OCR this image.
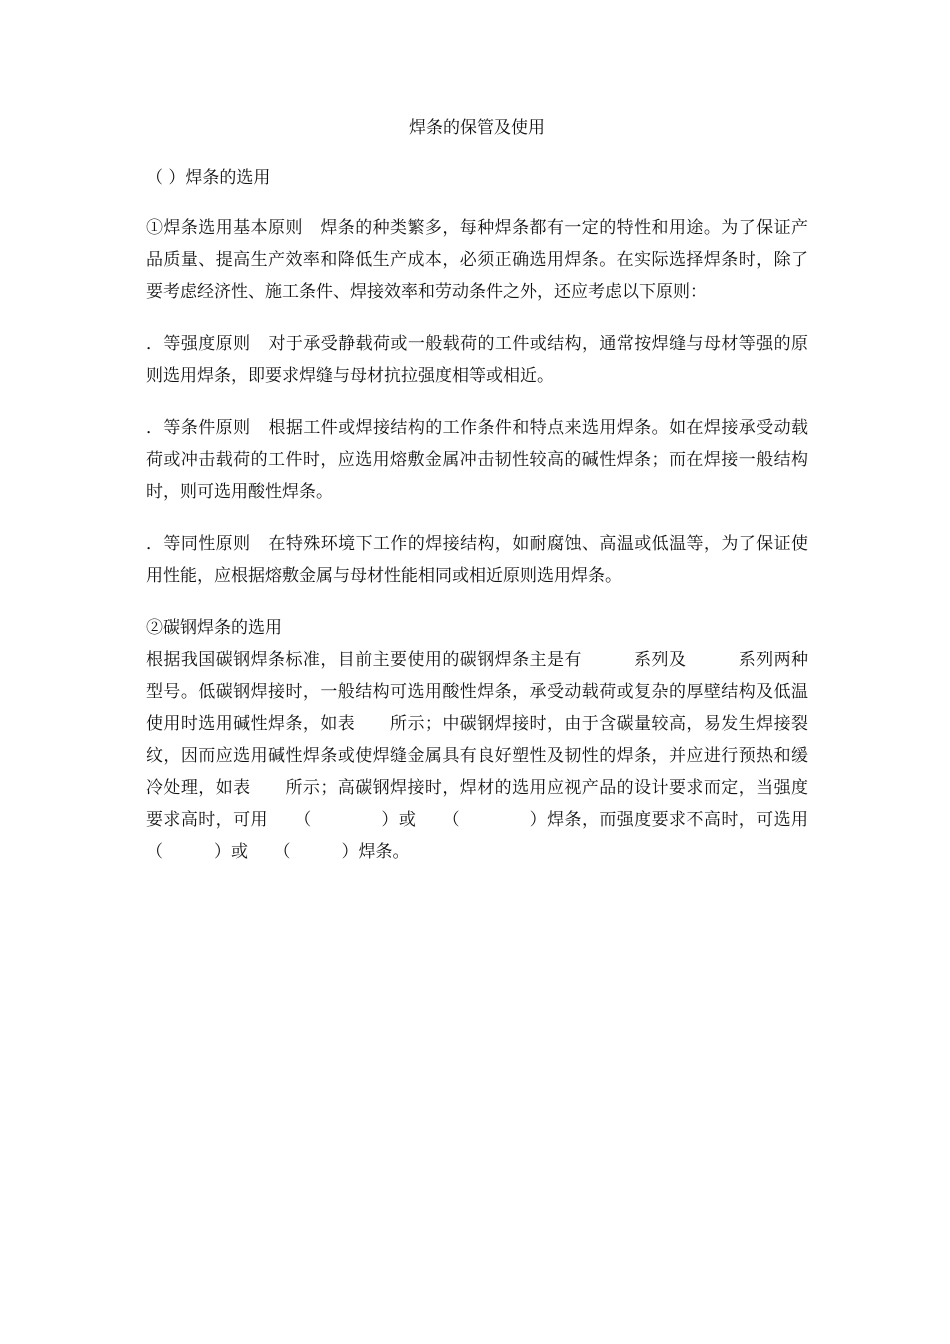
焊条的保管及使用
（ ）焊条的选用

①焊条选用基本原则　焊条的种类繁多，每种焊条都有一定的特性和用途。为了保证产品质量、提高生产效率和降低生产成本，必须正确选用焊条。在实际选择焊条时，除了要考虑经济性、施工条件、焊接效率和劳动条件之外，还应考虑以下原则：

．等强度原则 对于承受静载荷或一般载荷的工件或结构，通常按焊缝与母材等强的原则选用焊条，即要求焊缝与母材抗拉强度相等或相近。

．等条件原则 根据工件或焊接结构的工作条件和特点来选用焊条。如在焊接承受动载荷或冲击载荷的工件时，应选用熔敷金属冲击韧性较高的碱性焊条；而在焊接一般结构时，则可选用酸性焊条。

．等同性原则 在特殊环境下工作的焊接结构，如耐腐蚀、高温或低温等，为了保证使用性能，应根据熔敷金属与母材性能相同或相近原则选用焊条。

②碳钢焊条的选用

根据我国碳钢焊条标准，目前主要使用的碳钢焊条主是有　　　系列及　　　系列两种型号。低碳钢焊接时，一般结构可选用酸性焊条，承受动载荷或复杂的厚壁结构及低温使用时选用碱性焊条，如表　　所示；中碳钢焊接时，由于含碳量较高，易发生焊接裂纹，因而应选用碱性焊条或使焊缝金属具有良好塑性及韧性的焊条，并应进行预热和缓冷处理，如表　　所示；高碳钢焊接时，焊材的选用应视产品的设计要求而定，当强度要求高时，可用　　（　　　　）或　　（　　　　）焊条，而强度要求不高时，可选用　　（　　　）或　　（　　　）焊条。
